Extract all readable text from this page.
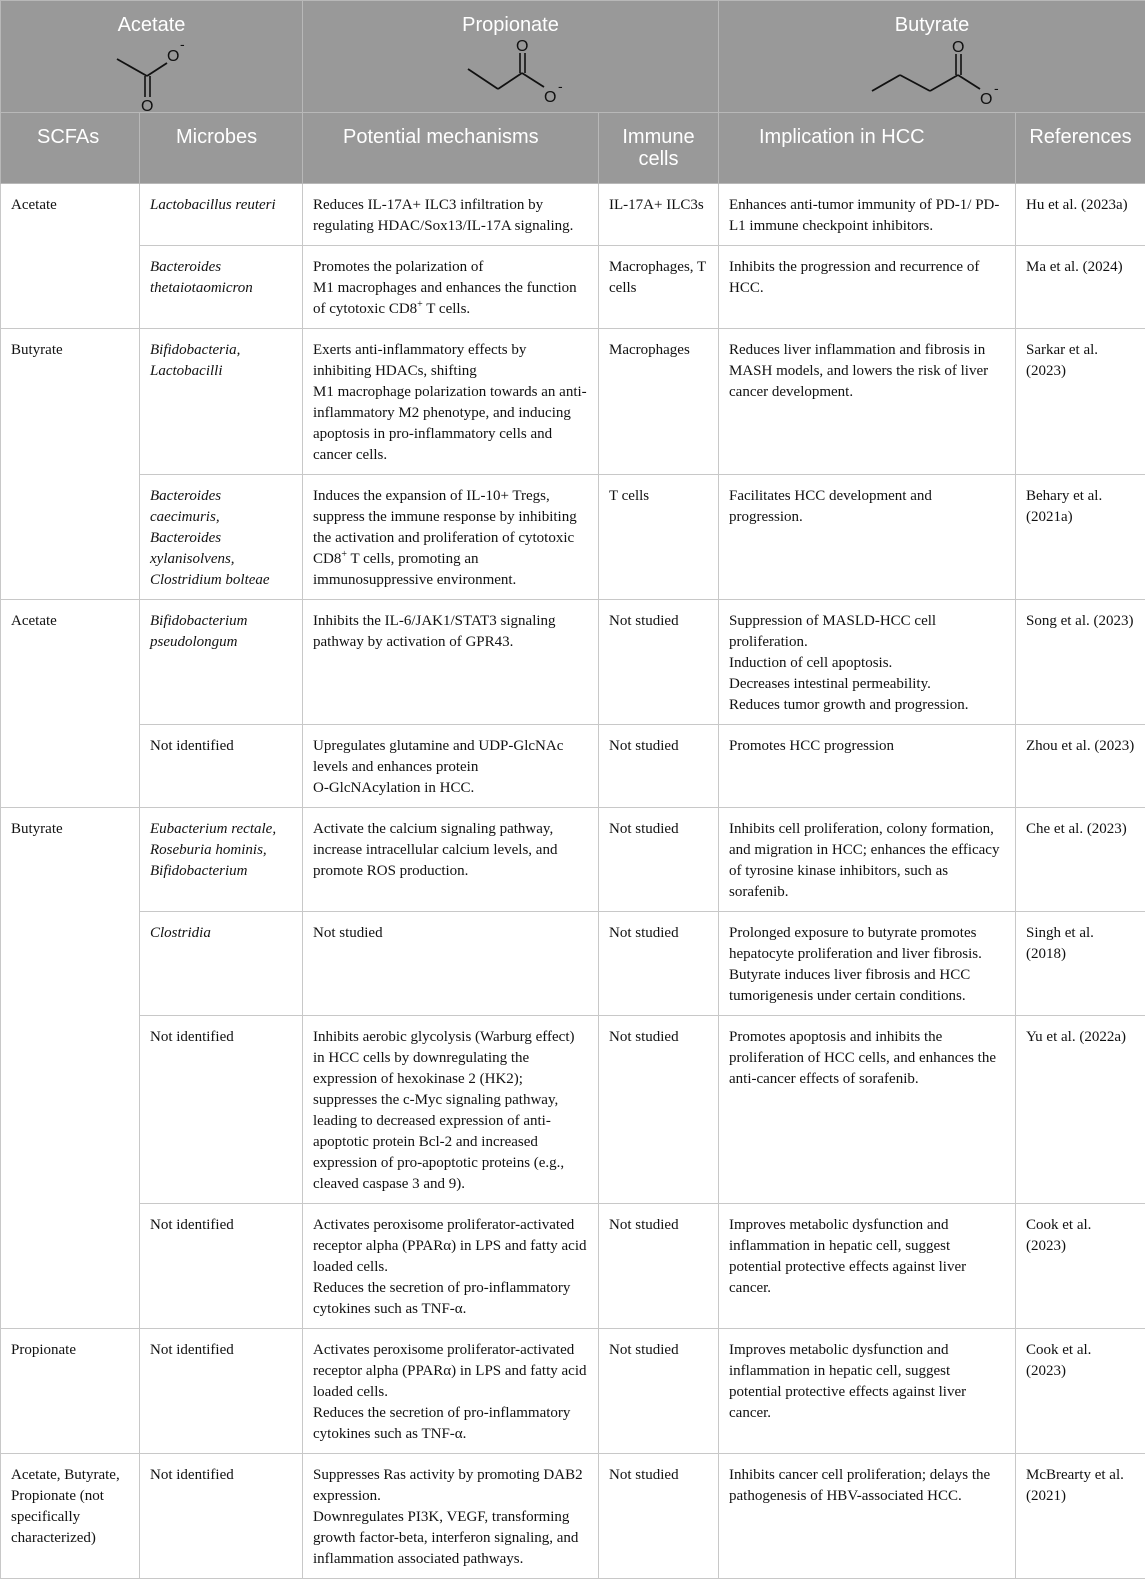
Acetate
O
-
O		Propionate
O
O
-		Butyrate
O
O
-	

SCFAs	Microbes	Potential mechanisms	Immune cells	Implication in HCC	References
Acetate	Lactobacillus reuteri	Reduces IL-17A+ ILC3 infiltration by regulating HDAC/Sox13/IL-17A signaling.	IL-17A+ ILC3s	Enhances anti-tumor immunity of PD-1/ PD-L1 immune checkpoint inhibitors.	Hu et al. (2023a)
	Bacteroides thetaiotaomicron	Promotes the polarization of
M1 macrophages and enhances the function of cytotoxic CD8+ T cells.	Macrophages, T cells	Inhibits the progression and recurrence of HCC.	Ma et al. (2024)
Butyrate	Bifidobacteria, Lactobacilli	Exerts anti-inflammatory effects by inhibiting HDACs, shifting
M1 macrophage polarization towards an anti-inflammatory M2 phenotype, and inducing apoptosis in pro-inflammatory cells and cancer cells.	Macrophages	Reduces liver inflammation and fibrosis in MASH models, and lowers the risk of liver cancer development.	Sarkar et al. (2023)
	Bacteroides caecimuris, Bacteroides xylanisolvens, Clostridium bolteae	Induces the expansion of IL-10+ Tregs, suppress the immune response by inhibiting the activation and proliferation of cytotoxic CD8+ T cells, promoting an immunosuppressive environment.	T cells	Facilitates HCC development and progression.	Behary et al. (2021a)
Acetate	Bifidobacterium pseudolongum	Inhibits the IL-6/JAK1/STAT3 signaling pathway by activation of GPR43.	Not studied	Suppression of MASLD-HCC cell proliferation.
Induction of cell apoptosis.
Decreases intestinal permeability.
Reduces tumor growth and progression.	Song et al. (2023)
	Not identified	Upregulates glutamine and UDP-GlcNAc levels and enhances protein
O-GlcNAcylation in HCC.	Not studied	Promotes HCC progression	Zhou et al. (2023)
Butyrate	Eubacterium rectale,
Roseburia hominis,
Bifidobacterium	Activate the calcium signaling pathway, increase intracellular calcium levels, and promote ROS production.	Not studied	Inhibits cell proliferation, colony formation, and migration in HCC; enhances the efficacy of tyrosine kinase inhibitors, such as sorafenib.	Che et al. (2023)
	Clostridia	Not studied	Not studied	Prolonged exposure to butyrate promotes hepatocyte proliferation and liver fibrosis.
Butyrate induces liver fibrosis and HCC tumorigenesis under certain conditions.	Singh et al. (2018)
	Not identified	Inhibits aerobic glycolysis (Warburg effect) in HCC cells by downregulating the expression of hexokinase 2 (HK2); suppresses the c-Myc signaling pathway, leading to decreased expression of anti-apoptotic protein Bcl-2 and increased expression of pro-apoptotic proteins (e.g., cleaved caspase 3 and 9).	Not studied	Promotes apoptosis and inhibits the proliferation of HCC cells, and enhances the anti-cancer effects of sorafenib.	Yu et al. (2022a)
	Not identified	Activates peroxisome proliferator-activated receptor alpha (PPARα) in LPS and fatty acid loaded cells.
Reduces the secretion of pro-inflammatory cytokines such as TNF-α.	Not studied	Improves metabolic dysfunction and inflammation in hepatic cell, suggest potential protective effects against liver cancer.	Cook et al. (2023)
Propionate	Not identified	Activates peroxisome proliferator-activated receptor alpha (PPARα) in LPS and fatty acid loaded cells.
Reduces the secretion of pro-inflammatory cytokines such as TNF-α.	Not studied	Improves metabolic dysfunction and inflammation in hepatic cell, suggest potential protective effects against liver cancer.	Cook et al. (2023)
Acetate, Butyrate, Propionate (not specifically characterized)	Not identified	Suppresses Ras activity by promoting DAB2 expression.
Downregulates PI3K, VEGF, transforming growth factor-beta, interferon signaling, and inflammation associated pathways.	Not studied	Inhibits cancer cell proliferation; delays the pathogenesis of HBV-associated HCC.	McBrearty et al. (2021)
